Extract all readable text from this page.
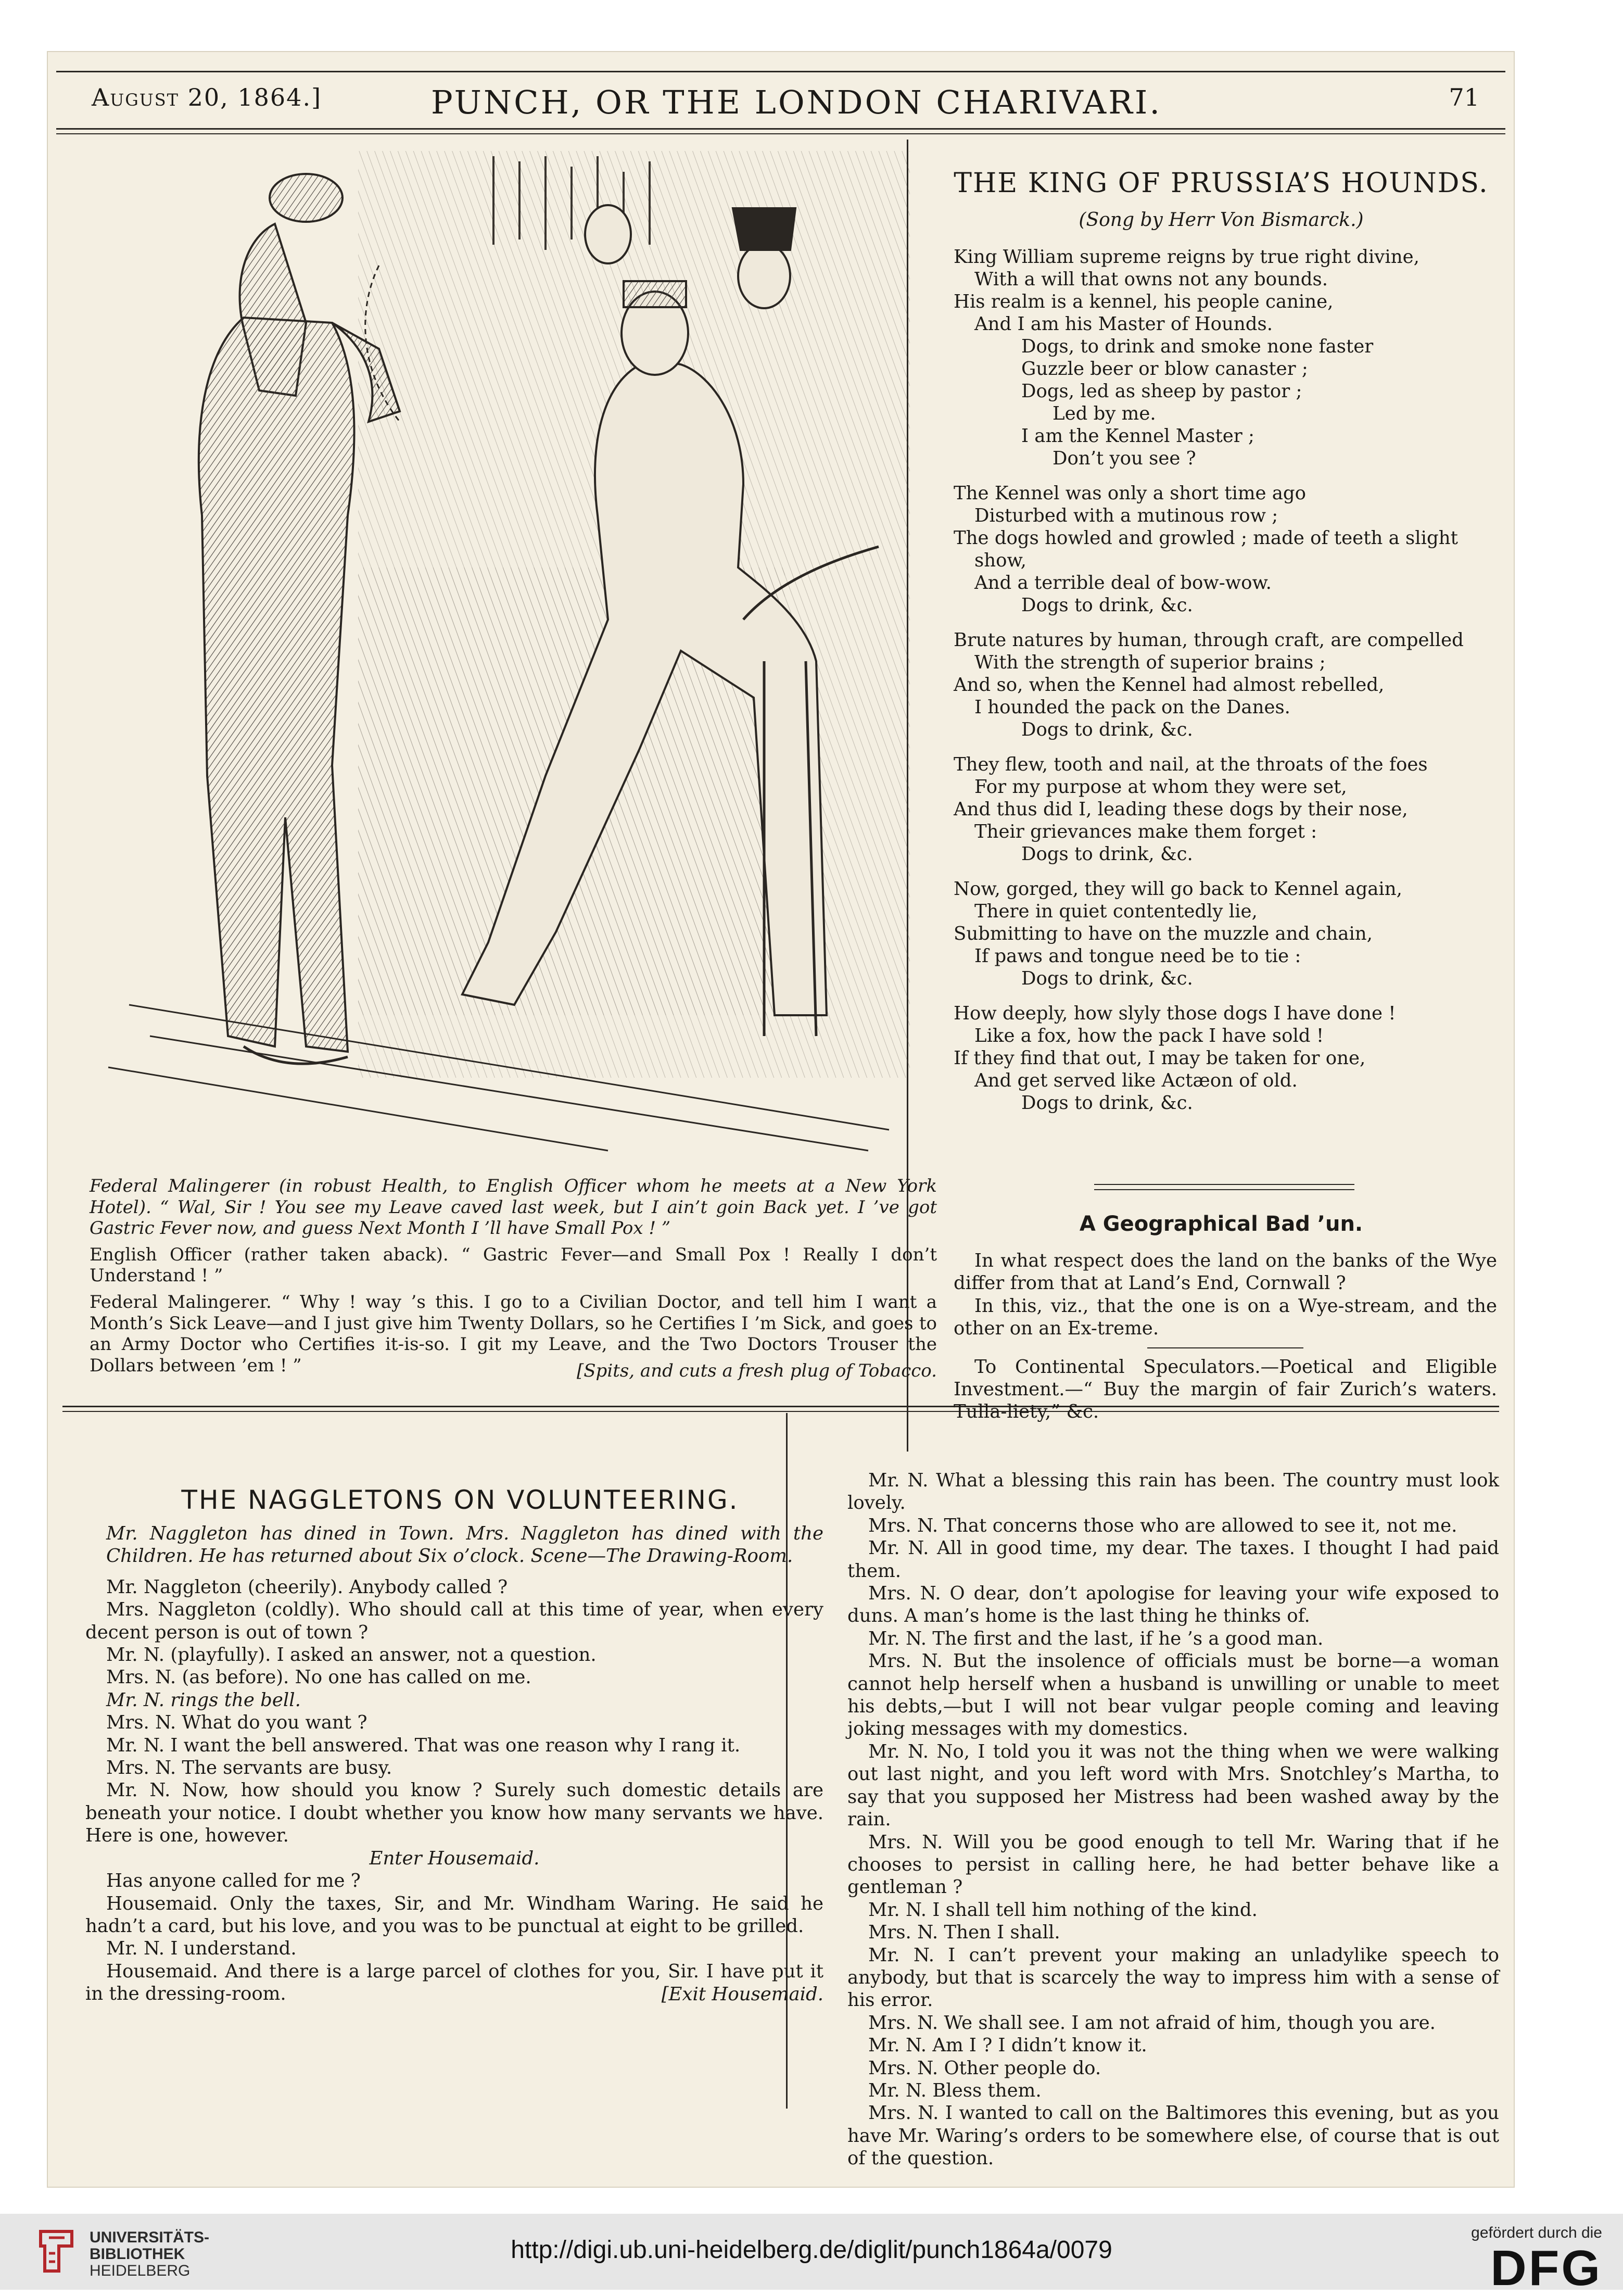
August 20, 1864.]	PUNCH, OR THE LONDON CHARIVARI.	71

Federal Malingerer (in robust Health, to English Officer whom he meets at a New York Hotel). “ Wal, Sir ! You see my Leave caved last week, but I ain’t goin Back yet. I ’ve got Gastric Fever now, and guess Next Month I ’ll have Small Pox ! ”

English Officer (rather taken aback). “ Gastric Fever—and Small Pox ! Really I don’t Understand ! ”

Federal Malingerer. “ Why ! way ’s this. I go to a Civilian Doctor, and tell him I want a Month’s Sick Leave—and I just give him Twenty Dollars, so he Certifies I ’m Sick, and goes to an Army Doctor who Certifies it-is-so. I git my Leave, and the Two Doctors Trouser the Dollars between ’em ! ”	[Spits, and cuts a fresh plug of Tobacco.

THE KING OF PRUSSIA’S HOUNDS.
(Song by Herr Von Bismarck.)
King William supreme reigns by true right divine,
With a will that owns not any bounds.
His realm is a kennel, his people canine,
And I am his Master of Hounds.
Dogs, to drink and smoke none faster
Guzzle beer or blow canaster ;
Dogs, led as sheep by pastor ;
Led by me.
I am the Kennel Master ;
Don’t you see ?
The Kennel was only a short time ago
Disturbed with a mutinous row ;
The dogs howled and growled ; made of teeth a slight
show,
And a terrible deal of bow-wow.
Dogs to drink, &c.
Brute natures by human, through craft, are compelled
With the strength of superior brains ;
And so, when the Kennel had almost rebelled,
I hounded the pack on the Danes.
Dogs to drink, &c.
They flew, tooth and nail, at the throats of the foes
For my purpose at whom they were set,
And thus did I, leading these dogs by their nose,
Their grievances make them forget :
Dogs to drink, &c.
Now, gorged, they will go back to Kennel again,
There in quiet contentedly lie,
Submitting to have on the muzzle and chain,
If paws and tongue need be to tie :
Dogs to drink, &c.
How deeply, how slyly those dogs I have done !
Like a fox, how the pack I have sold !
If they find that out, I may be taken for one,
And get served like Actæon of old.
Dogs to drink, &c.
A Geographical Bad ’un.

In what respect does the land on the banks of the Wye differ from that at Land’s End, Cornwall ?

In this, viz., that the one is on a Wye-stream, and the other on an Ex-treme.

To Continental Speculators.—Poetical and Eligible Investment.—“ Buy the margin of fair Zurich’s waters. Tulla-liety,” &c.

THE NAGGLETONS ON VOLUNTEERING.

Mr. Naggleton has dined in Town. Mrs. Naggleton has dined with the Children. He has returned about Six o’clock. Scene—The Drawing-Room.

Mr. Naggleton (cheerily). Anybody called ?

Mrs. Naggleton (coldly). Who should call at this time of year, when every decent person is out of town ?

Mr. N. (playfully). I asked an answer, not a question.

Mrs. N. (as before). No one has called on me.

Mr. N. rings the bell.

Mrs. N. What do you want ?

Mr. N. I want the bell answered. That was one reason why I rang it.

Mrs. N. The servants are busy.

Mr. N. Now, how should you know ? Surely such domestic details are beneath your notice. I doubt whether you know how many servants we have. Here is one, however.

Enter Housemaid.

Has anyone called for me ?

Housemaid. Only the taxes, Sir, and Mr. Windham Waring. He said he hadn’t a card, but his love, and you was to be punctual at eight to be grilled.

Mr. N. I understand.

Housemaid. And there is a large parcel of clothes for you, Sir. I have put it in the dressing-room.	[Exit Housemaid.

Mr. N. What a blessing this rain has been. The country must look lovely.

Mrs. N. That concerns those who are allowed to see it, not me.

Mr. N. All in good time, my dear. The taxes. I thought I had paid them.

Mrs. N. O dear, don’t apologise for leaving your wife exposed to duns. A man’s home is the last thing he thinks of.

Mr. N. The first and the last, if he ’s a good man.

Mrs. N. But the insolence of officials must be borne—a woman cannot help herself when a husband is unwilling or unable to meet his debts,—but I will not bear vulgar people coming and leaving joking messages with my domestics.

Mr. N. No, I told you it was not the thing when we were walking out last night, and you left word with Mrs. Snotchley’s Martha, to say that you supposed her Mistress had been washed away by the rain.

Mrs. N. Will you be good enough to tell Mr. Waring that if he chooses to persist in calling here, he had better behave like a gentleman ?

Mr. N. I shall tell him nothing of the kind.

Mrs. N. Then I shall.

Mr. N. I can’t prevent your making an unladylike speech to anybody, but that is scarcely the way to impress him with a sense of his error.

Mrs. N. We shall see. I am not afraid of him, though you are.

Mr. N. Am I ? I didn’t know it.

Mrs. N. Other people do.

Mr. N. Bless them.

Mrs. N. I wanted to call on the Baltimores this evening, but as you have Mr. Waring’s orders to be somewhere else, of course that is out of the question.

UNIVERSITÄTS-
BIBLIOTHEK
HEIDELBERG
http://digi.ub.uni-heidelberg.de/diglit/punch1864a/0079
gefördert durch die
DFG
